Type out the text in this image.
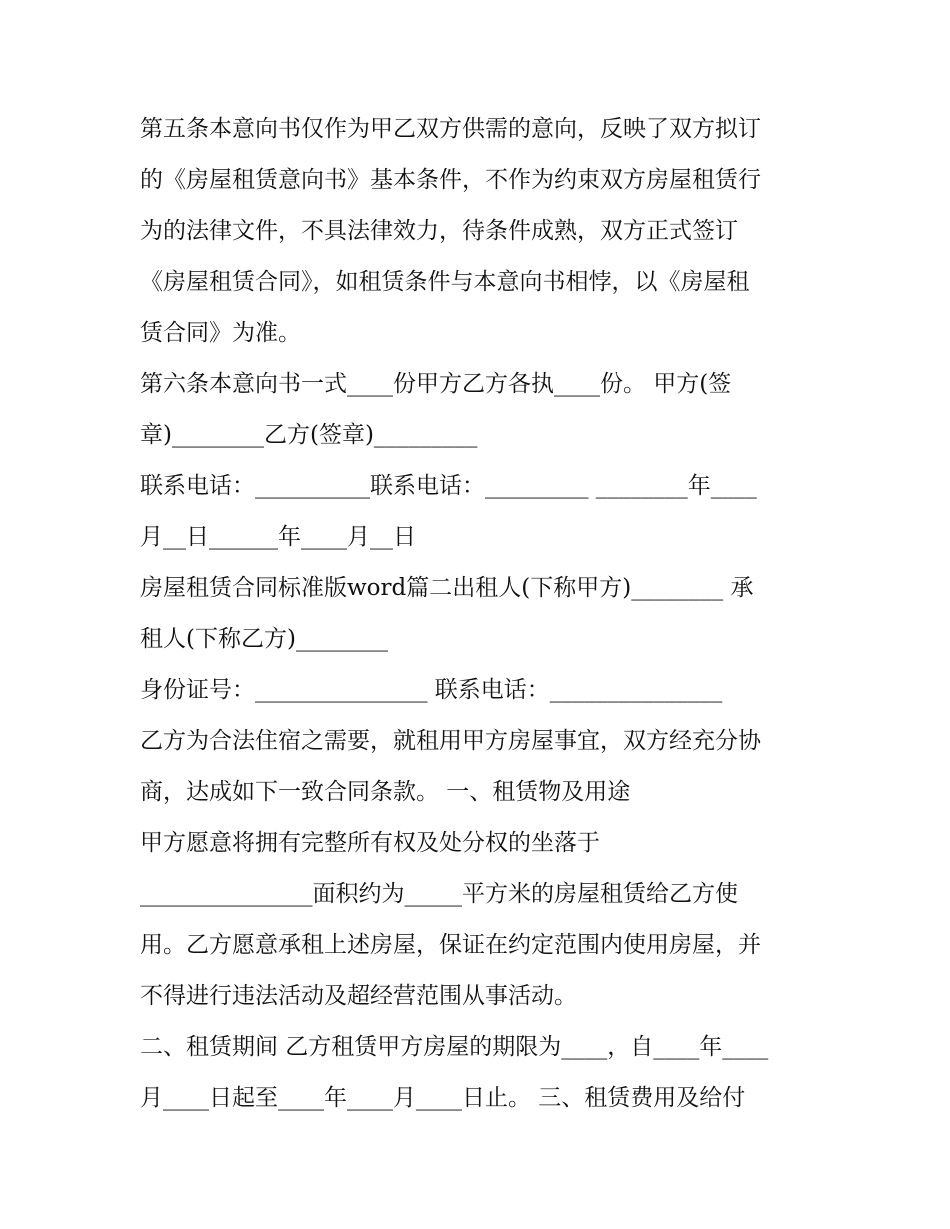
第五条本意向书仅作为甲乙双方供需的意向，反映了双方拟订
的《房屋租赁意向书》基本条件，不作为约束双方房屋租赁行
为的法律文件，不具法律效力，待条件成熟，双方正式签订
《房屋租赁合同》，如租赁条件与本意向书相悖，以《房屋租
赁合同》为准。
第六条本意向书一式____份甲方乙方各执____份。 甲方(签
章)________乙方(签章)_________
联系电话：__________联系电话：_________ ________年____
月__日______年____月__日
房屋租赁合同标准版word篇二出租人(下称甲方)________ 承
租人(下称乙方)________
身份证号：_______________ 联系电话：_______________
乙方为合法住宿之需要，就租用甲方房屋事宜，双方经充分协
商，达成如下一致合同条款。 一、租赁物及用途
甲方愿意将拥有完整所有权及处分权的坐落于
_______________面积约为_____平方米的房屋租赁给乙方使
用。乙方愿意承租上述房屋，保证在约定范围内使用房屋，并
不得进行违法活动及超经营范围从事活动。
二、租赁期间 乙方租赁甲方房屋的期限为____，自____年____
月____日起至____年____月____日止。 三、租赁费用及给付
